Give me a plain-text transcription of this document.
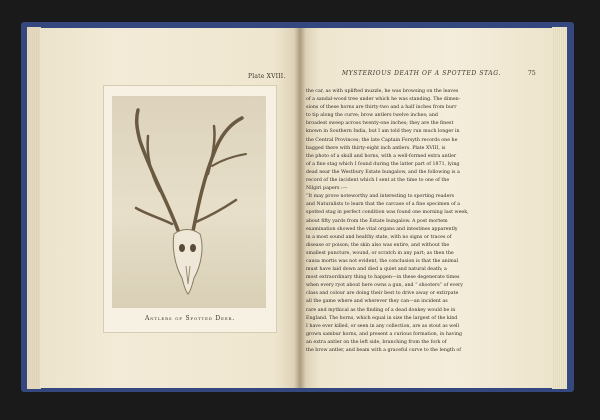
Plate XVIII.
Antlers of Spotted Deer.
MYSTERIOUS DEATH OF A SPOTTED STAG.	75
the car, as with uplifted muzzle, he was browsing on the leaves
of a sandal-wood tree under which he was standing. The dimen-
sions of these horns are thirty-two and a half inches from burr
to tip along the curve; brow antlers twelve inches; and
broadest sweep across twenty-one inches; they are the finest
known in Southern India, but I am told they run much longer in
the Central Provinces; the late Captain Forsyth records one he
bagged there with thirty-eight inch antlers. Plate XVIII, is
the photo of a skull and horns, with a well-formed extra antler
of a fine stag which I found during the latter part of 1871, lying
dead near the Westbury Estate bungalow, and the following is a
record of the incident which I sent at the time to one of the
Nilgiri papers :—
“It may prove noteworthy and interesting to sporting readers
and Naturalists to learn that the carcase of a fine specimen of a
spotted stag in perfect condition was found one morning last week,
about fifty yards from the Estate bungalow. A post mortem
examination showed the vital organs and intestines apparently
in a most sound and healthy state, with no signs or traces of
disease or poison; the skin also was entire, and without the
smallest puncture, wound, or scratch in any part; as then the
causa mortis was not evident, the conclusion is that the animal
must have laid down and died a quiet and natural death; a
most extraordinary thing to happen—in these degenerate times
when every ryot about here owns a gun, and “ shooters” of every
class and colour are doing their best to drive away or extirpate
all the game where and wherever they can—an incident as
rare and mythical as the finding of a dead donkey would be in
England. The horns, which equal in size the largest of the kind
I have ever killed, or seen in any collection, are as stout as well
grown sambur horns, and present a curious formation, in having
an extra antler on the left side, branching from the fork of
the brow antler, and beam with a graceful curve to the length of
